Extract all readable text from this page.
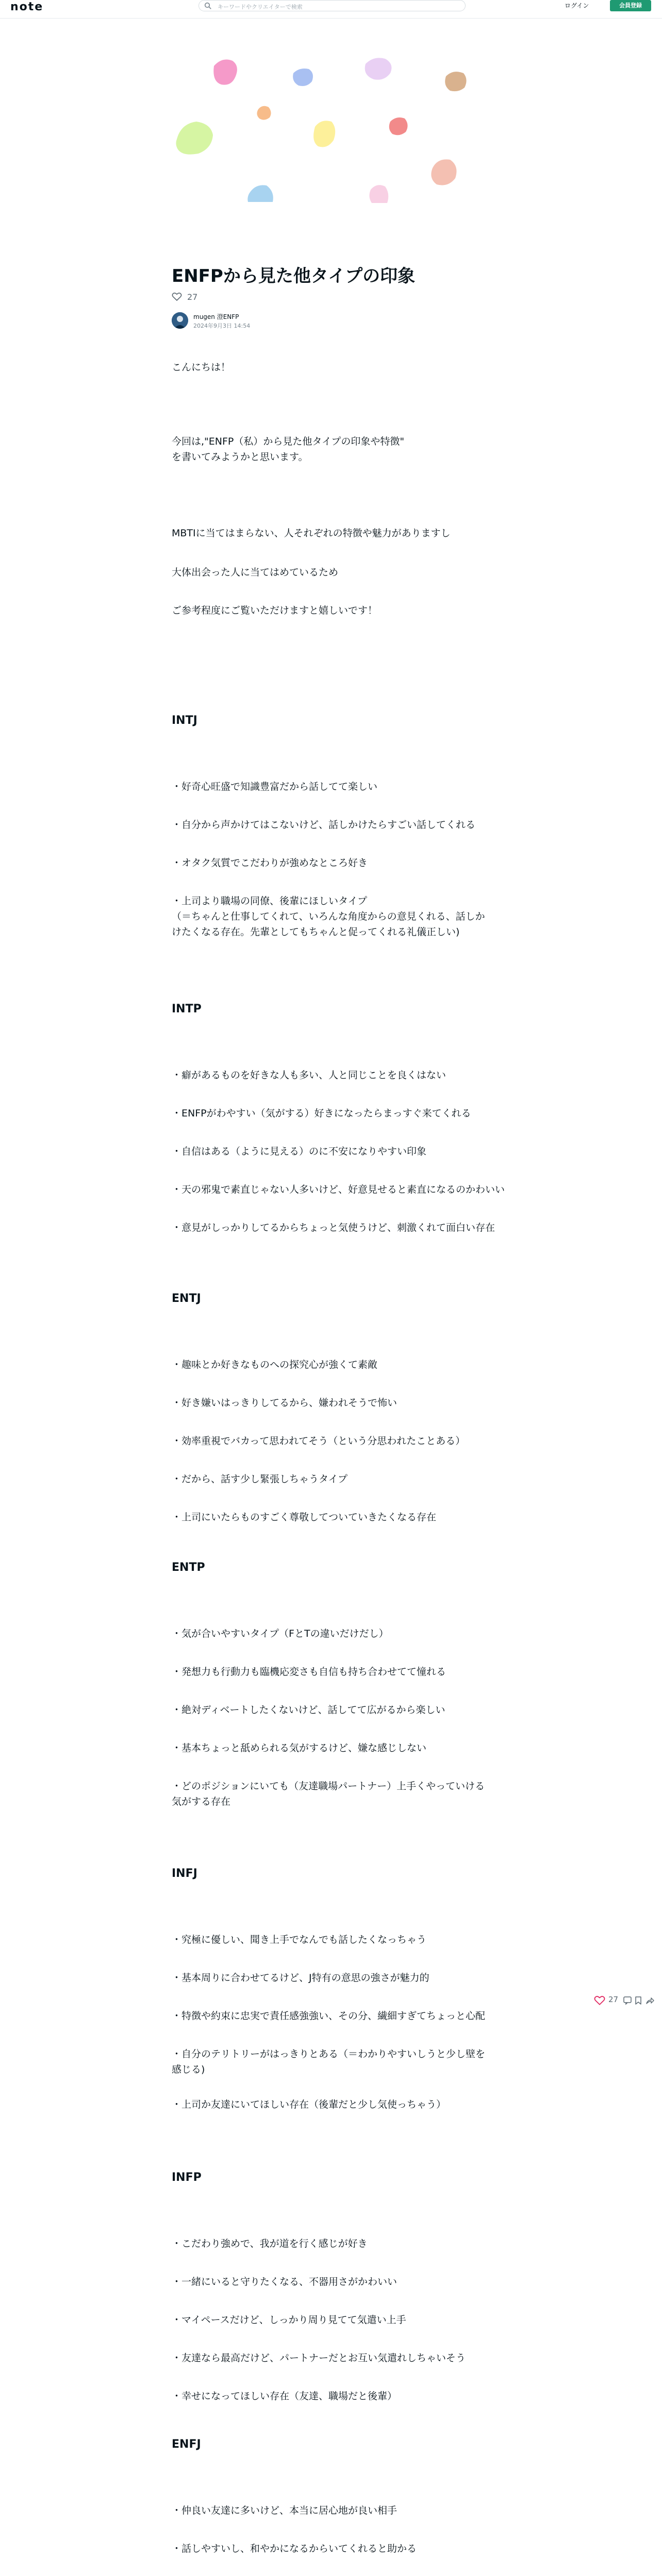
note	キーワードやクリエイターで検索	ログイン	会員登録
ENFPから見た他タイプの印象
27
mugen 澄ENFP
2024年9月3日 14:54

こんにちは！

今回は,"ENFP（私）から見た他タイプの印象や特徴"

を書いてみようかと思います。

MBTIに当てはまらない、人それぞれの特徴や魅力がありますし

大体出会った人に当てはめているため

ご参考程度にご覧いただけますと嬉しいです！

INTJ

・好奇心旺盛で知識豊富だから話してて楽しい

・自分から声かけてはこないけど、話しかけたらすごい話してくれる

・オタク気質でこだわりが強めなところ好き

・上司より職場の同僚、後輩にほしいタイプ

（＝ちゃんと仕事してくれて、いろんな角度からの意見くれる、話しかけたくなる存在。先輩としてもちゃんと促ってくれる礼儀正しい)

INTP

・癖があるものを好きな人も多い、人と同じことを良くはない

・ENFPがわやすい（気がする）好きになったらまっすぐ来てくれる

・自信はある（ように見える）のに不安になりやすい印象

・天の邪鬼で素直じゃない人多いけど、好意見せると素直になるのかわいい

・意見がしっかりしてるからちょっと気使うけど、刺激くれて面白い存在

ENTJ

・趣味とか好きなものへの探究心が強くて素敵

・好き嫌いはっきりしてるから、嫌われそうで怖い

・効率重視でバカって思われてそう（という分思われたことある）

・だから、話す少し緊張しちゃうタイプ

・上司にいたらものすごく尊敬してついていきたくなる存在

ENTP

・気が合いやすいタイプ（FとTの違いだけだし）

・発想力も行動力も臨機応変さも自信も持ち合わせてて憧れる

・絶対ディベートしたくないけど、話してて広がるから楽しい

・基本ちょっと舐められる気がするけど、嫌な感じしない

・どのポジションにいても（友達職場パートナー）上手くやっていける気がする存在

INFJ

・究極に優しい、聞き上手でなんでも話したくなっちゃう

・基本周りに合わせてるけど、J特有の意思の強さが魅力的

・特徴や約束に忠実で責任感強強い、その分、繊細すぎてちょっと心配

・自分のテリトリーがはっきりとある（＝わかりやすいしうと少し壁を感じる)

・上司か友達にいてほしい存在（後輩だと少し気使っちゃう）

INFP

・こだわり強めで、我が道を行く感じが好き

・一緒にいると守りたくなる、不器用さがかわいい

・マイペースだけど、しっかり周り見てて気遣い上手

・友達なら最高だけど、パートナーだとお互い気遣れしちゃいそう

・幸せになってほしい存在（友達、職場だと後輩）

ENFJ

・仲良い友達に多いけど、本当に居心地が良い相手

・話しやすいし、和やかになるからいてくれると助かる

27
